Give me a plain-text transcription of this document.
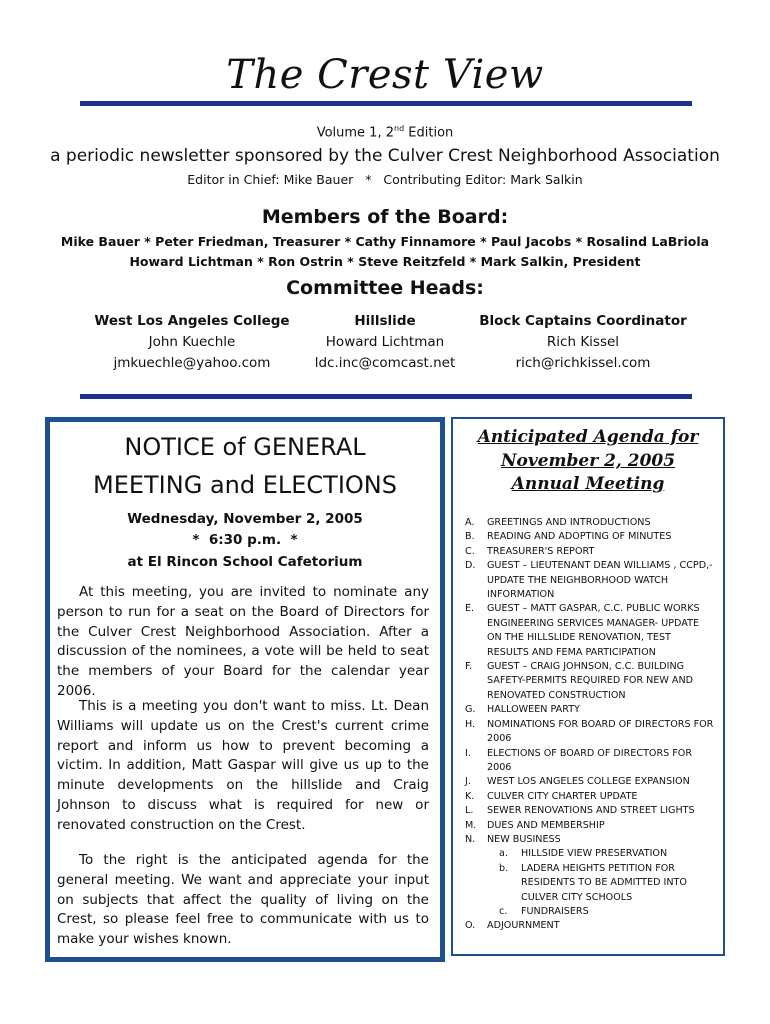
The Crest View
Volume 1, 2nd Edition
a periodic newsletter sponsored by the Culver Crest Neighborhood Association
Editor in Chief: Mike Bauer   *   Contributing Editor: Mark Salkin
Members of the Board:
Mike Bauer * Peter Friedman, Treasurer * Cathy Finnamore * Paul Jacobs * Rosalind LaBriola
Howard Lichtman * Ron Ostrin * Steve Reitzfeld * Mark Salkin, President
Committee Heads:
West Los Angeles College
John Kuechle
jmkuechle@yahoo.com
Hillslide
Howard Lichtman
ldc.inc@comcast.net
Block Captains Coordinator
Rich Kissel
rich@richkissel.com
NOTICE of GENERAL
MEETING and ELECTIONS
Wednesday, November 2, 2005
*  6:30 p.m.  *
at El Rincon School Cafetorium
At this meeting, you are invited to nominate any person to run for a seat on the Board of Directors for the Culver Crest Neighborhood Association. After a discussion of the nominees, a vote will be held to seat the members of your Board for the calendar year 2006.
This is a meeting you don't want to miss. Lt. Dean Williams will update us on the Crest's current crime report and inform us how to prevent becoming a victim. In addition, Matt Gaspar will give us up to the minute developments on the hillslide and Craig Johnson to discuss what is required for new or renovated construction on the Crest.
To the right is the anticipated agenda for the general meeting. We want and appreciate your input on subjects that affect the quality of living on the Crest, so please feel free to communicate with us to make your wishes known.
Anticipated Agenda for
November 2, 2005
Annual Meeting
A.	GREETINGS AND INTRODUCTIONS
B.	READING AND ADOPTING OF MINUTES
C.	TREASURER'S REPORT
D.	GUEST – LIEUTENANT DEAN WILLIAMS , CCPD,- UPDATE THE NEIGHBORHOOD WATCH INFORMATION
E.	GUEST – MATT GASPAR, C.C. PUBLIC WORKS ENGINEERING SERVICES MANAGER- UPDATE ON THE HILLSLIDE RENOVATION, TEST RESULTS AND FEMA PARTICIPATION
F.	GUEST – CRAIG JOHNSON, C.C. BUILDING SAFETY-PERMITS REQUIRED FOR NEW AND RENOVATED CONSTRUCTION
G.	HALLOWEEN PARTY
H.	NOMINATIONS FOR BOARD OF DIRECTORS FOR 2006
I.	ELECTIONS OF BOARD OF DIRECTORS FOR 2006
J.	WEST LOS ANGELES COLLEGE EXPANSION
K.	CULVER CITY CHARTER UPDATE
L.	SEWER RENOVATIONS AND STREET LIGHTS
M.	DUES AND MEMBERSHIP
N.	NEW BUSINESS
a.	HILLSIDE VIEW PRESERVATION
b.	LADERA HEIGHTS PETITION FOR RESIDENTS TO BE ADMITTED INTO CULVER CITY SCHOOLS
c.	FUNDRAISERS
O.	ADJOURNMENT
